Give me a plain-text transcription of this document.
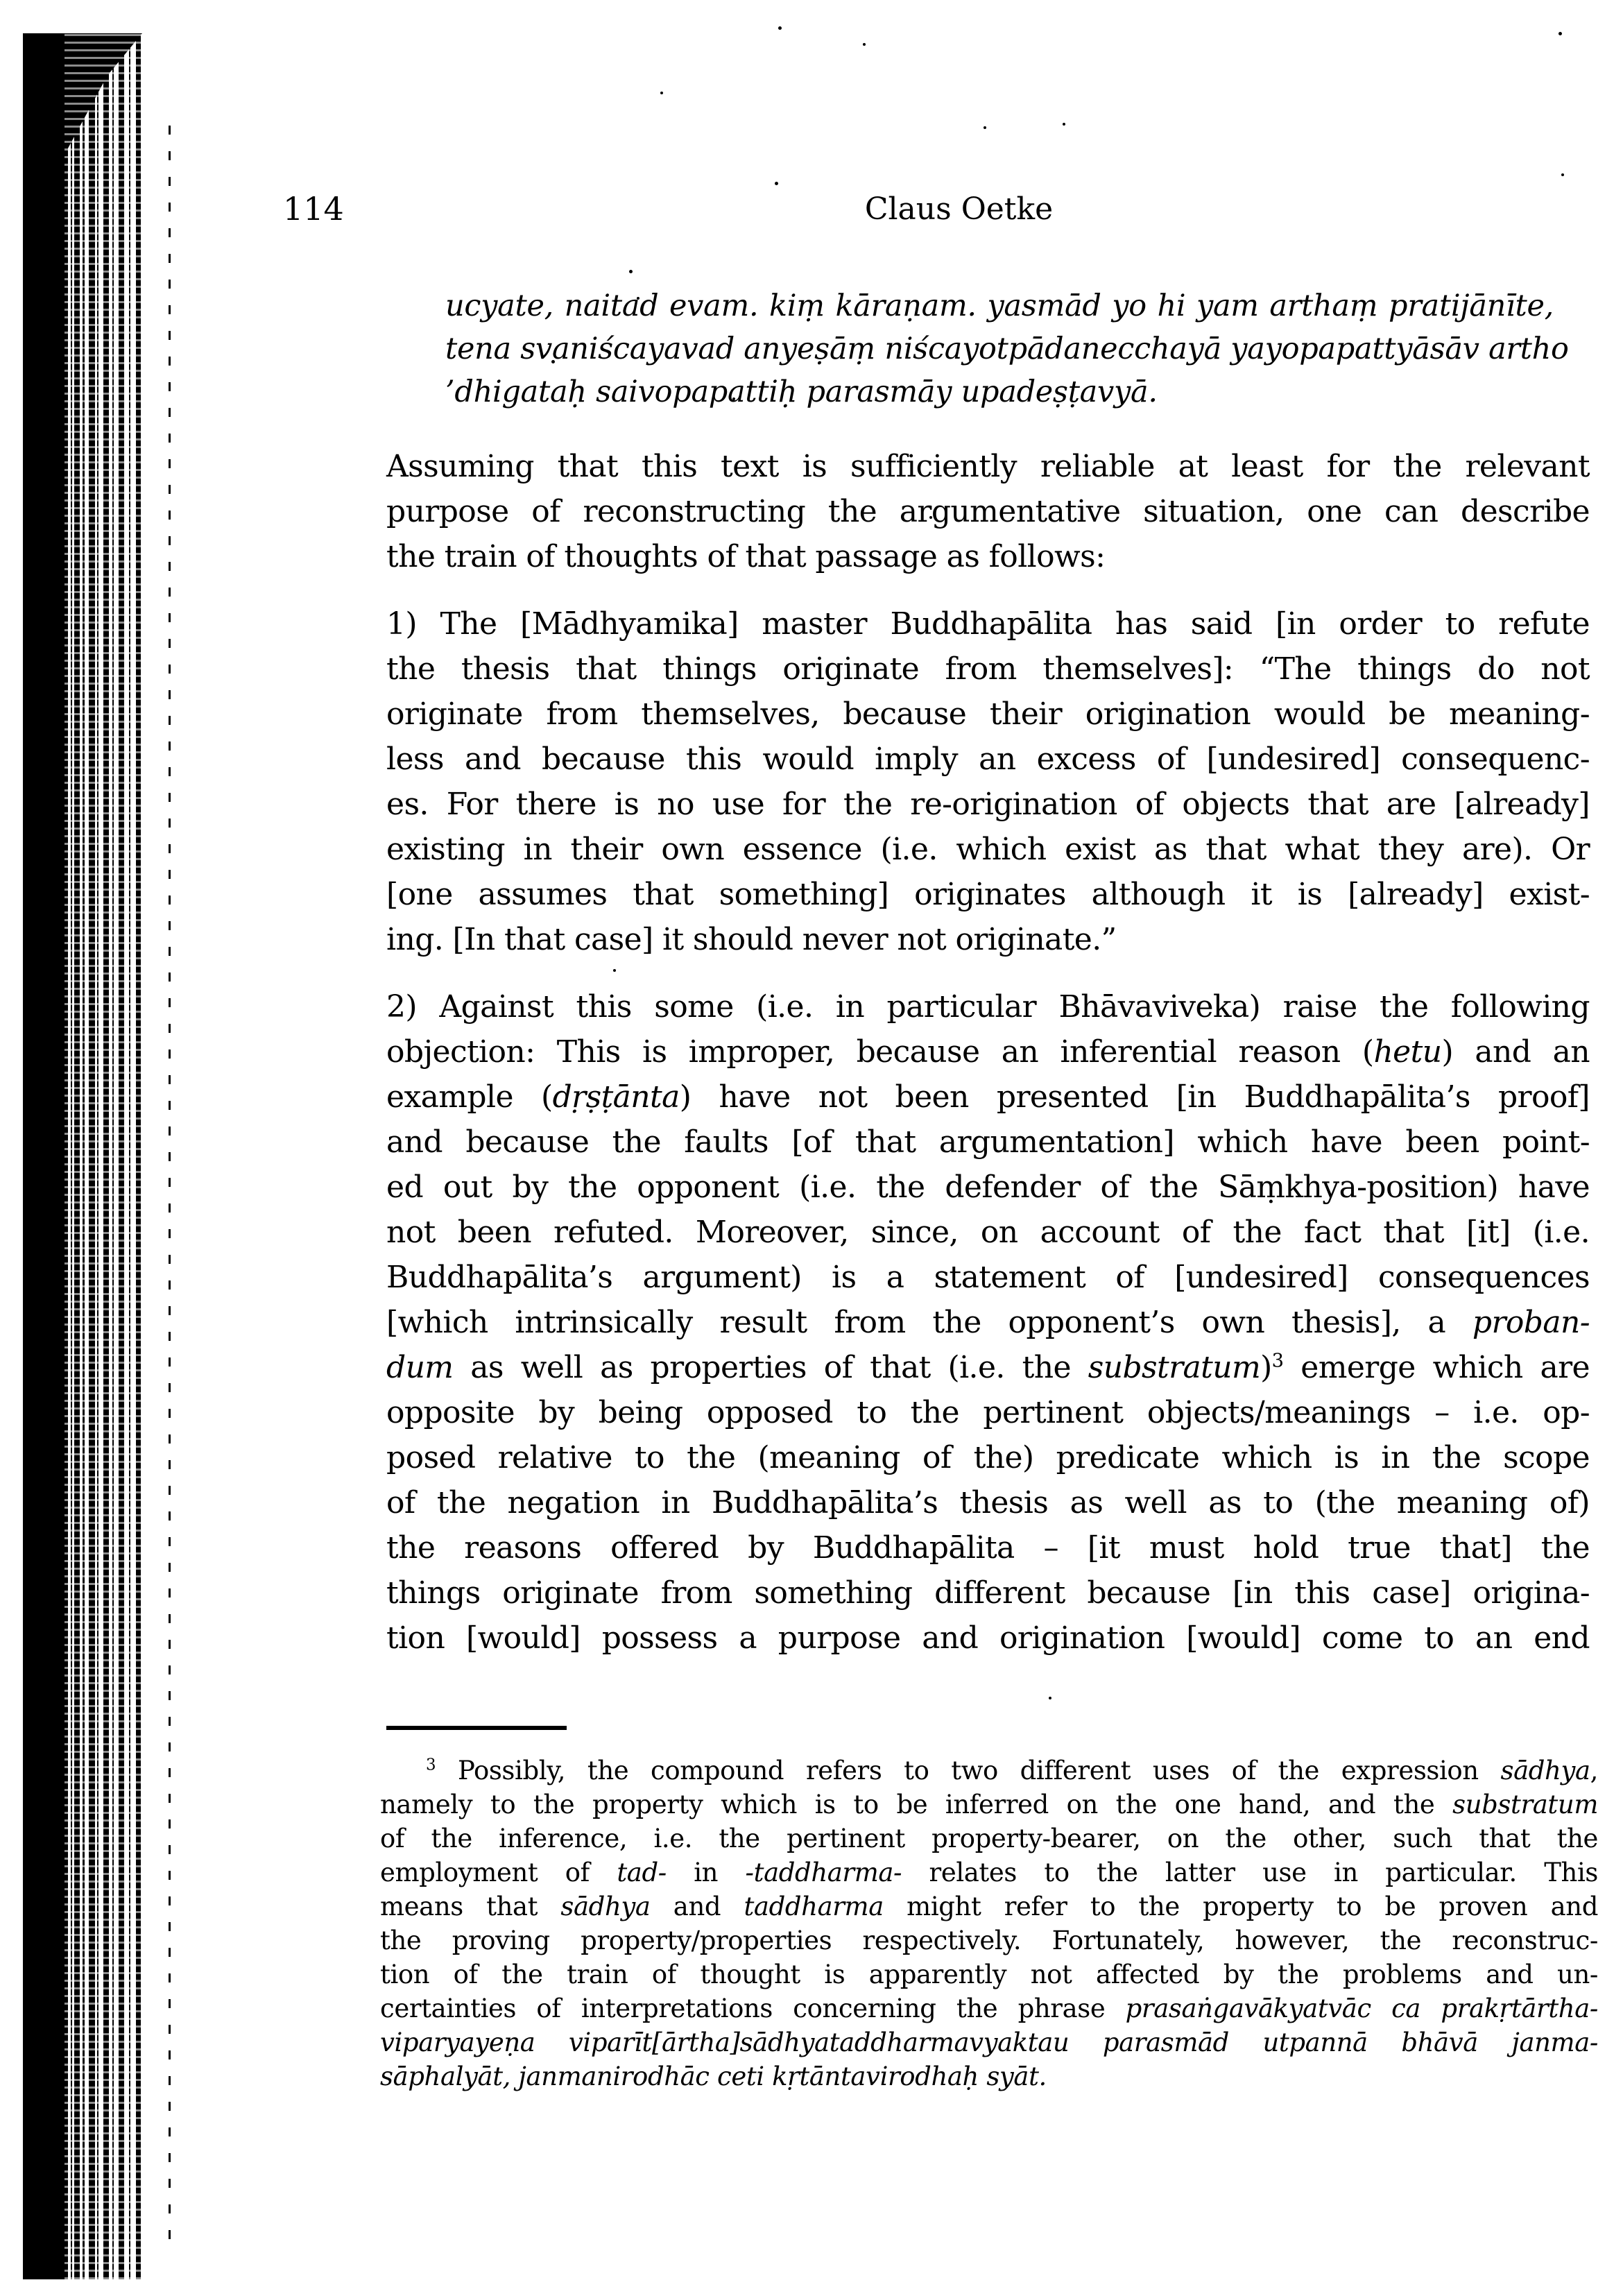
114	Claus Oetke
ucyate, naitad evam. kiṃ kāraṇam. yasmād yo hi yam arthaṃ pratijānīte,
tena svaniścayavad anyeṣāṃ niścayotpādanecchayā yayopapattyāsāv artho
’dhigataḥ saivopapattiḥ parasmāy upadeṣṭavyā.
Assuming that this text is sufficiently reliable at least for the relevant
purpose of reconstructing the argumentative situation, one can describe
the train of thoughts of that passage as follows:
1) The [Mādhyamika] master Buddhapālita has said [in order to refute
the thesis that things originate from themselves]: “The things do not
originate from themselves, because their origination would be meaning-
less and because this would imply an excess of [undesired] consequenc-
es. For there is no use for the re-origination of objects that are [already]
existing in their own essence (i.e. which exist as that what they are). Or
[one assumes that something] originates although it is [already] exist-
ing. [In that case] it should never not originate.”
2) Against this some (i.e. in particular Bhāvaviveka) raise the following
objection: This is improper, because an inferential reason (hetu) and an
example (dṛṣṭānta) have not been presented [in Buddhapālita’s proof]
and because the faults [of that argumentation] which have been point-
ed out by the opponent (i.e. the defender of the Sāṃkhya-position) have
not been refuted. Moreover, since, on account of the fact that [it] (i.e.
Buddhapālita’s argument) is a statement of [undesired] consequences
[which intrinsically result from the opponent’s own thesis], a proban-
dum as well as properties of that (i.e. the substratum)$^3$ emerge which are
opposite by being opposed to the pertinent objects/meanings – i.e. op-
posed relative to the (meaning of the) predicate which is in the scope
of the negation in Buddhapālita’s thesis as well as to (the meaning of)
the reasons offered by Buddhapālita – [it must hold true that] the
things originate from something different because [in this case] origina-
tion [would] possess a purpose and origination [would] come to an end
$^3$ Possibly, the compound refers to two different uses of the expression sādhya,
namely to the property which is to be inferred on the one hand, and the substratum
of the inference, i.e. the pertinent property-bearer, on the other, such that the
employment of tad- in -taddharma- relates to the latter use in particular. This
means that sādhya and taddharma might refer to the property to be proven and
the proving property/properties respectively. Fortunately, however, the reconstruc-
tion of the train of thought is apparently not affected by the problems and un-
certainties of interpretations concerning the phrase prasaṅgavākyatvāc ca prakṛtārtha-
viparyayeṇa viparīt[ārtha]sādhyataddharmavyaktau parasmād utpannā bhāvā janma-
sāphalyāt, janmanirodhāc ceti kṛtāntavirodhaḥ syāt.
